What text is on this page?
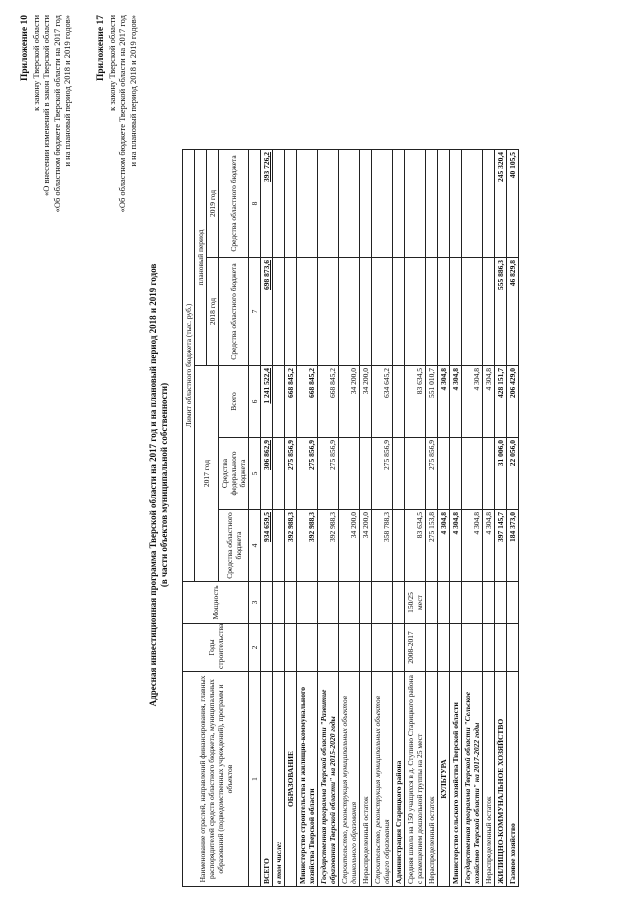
Приложение 10 к закону Тверской области «О внесении изменений в закон Тверской области «Об областном бюджете Тверской области на 2017 год и на плановый период 2018 и 2019 годов»	Приложение 17 к закону Тверской области «Об областном бюджете Тверской области на 2017 год и на плановый период 2018 и 2019 годов»
Адресная инвестиционная программа Тверской области на 2017 год и на плановый период 2018 и 2019 годов (в части объектов муниципальной собственности)
Наименование отраслей, направлений финансирования, главных распорядителей средств областного бюджета, муниципальных образований (подведомственных учреждений), программ и объектов	Годы строительства	Мощность	Лимит областного бюджета (тыс. руб.)				
			2017 год			плановый период	
						2018 год	2019 год
			Средства областного бюджета	Средства федерального бюджета	Всего	Средства областного бюджета	Средства областного бюджета
1	2	3	4	5	6	7	8
ВСЕГО			934 659,5	306 862,9	1 241 522,4	698 873,6	393 726,2
в том числе:							
ОБРАЗОВАНИЕ			392 988,3	275 856,9	668 845,2		
Министерство строительства и жилищно-коммунального хозяйства Тверской области			392 988,3	275 856,9	668 845,2		
Государственная программа Тверской области "Развитие образования Тверской области" на 2015-2020 годы			392 988,3	275 856,9	668 845,2		
Строительство, реконструкция муниципальных объектов дошкольного образования			34 200,0		34 200,0		
Нераспределенный остаток			34 200,0		34 200,0		
Строительство, реконструкция муниципальных объектов общего образования			358 788,3	275 856,9	634 645,2		
Администрация Старицкого района							
Средняя школа на 150 учащихся в д. Ступино Старицкого района с размещением дошкольной группы на 25 мест	2008-2017	150/25 мест	83 634,5		83 634,5		
Нераспределенный остаток			275 153,8	275 856,9	551 010,7		
КУЛЬТУРА			4 304,8		4 304,8		
Министерство сельского хозяйства Тверской области			4 304,8		4 304,8		
Государственная программа Тверской области "Сельское хозяйство Тверской области" на 2017-2022 годы			4 304,8		4 304,8		
Нераспределенный остаток			4 304,8		4 304,8		
ЖИЛИЩНО-КОММУНАЛЬНОЕ ХОЗЯЙСТВО			397 145,7	31 006,0	428 151,7	555 886,3	245 320,4
Газовое хозяйство			184 373,0	22 056,0	206 429,0	46 829,8	40 105,5
